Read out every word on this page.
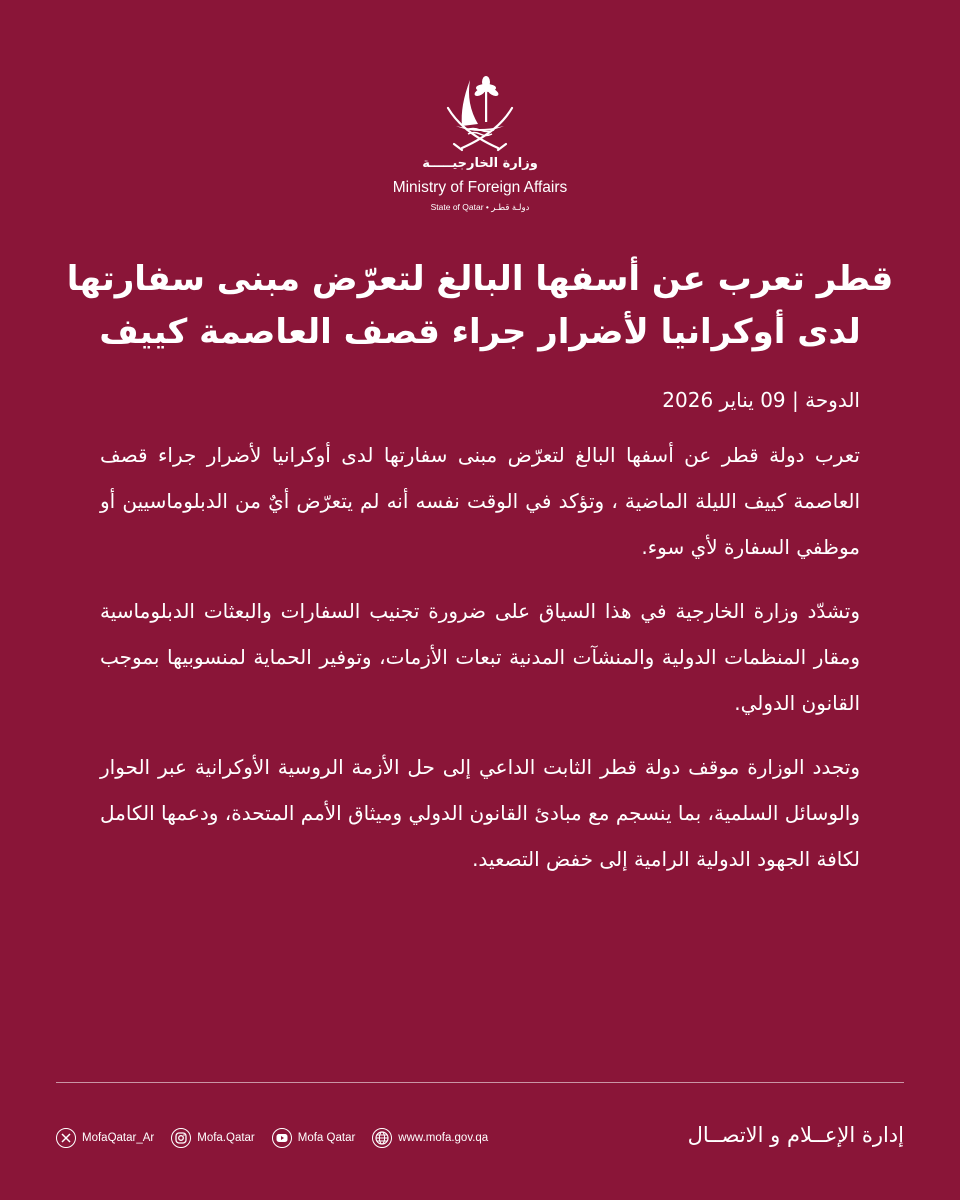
وزارة الخارجيـــــة
Ministry of Foreign Affairs
State of Qatar • دولـة قطـر
قطر تعرب عن أسفها البالغ لتعرّض مبنى سفارتها لدى أوكرانيا لأضرار جراء قصف العاصمة كييف
الدوحة | 09 يناير 2026

تعرب دولة قطر عن أسفها البالغ لتعرّض مبنى سفارتها لدى أوكرانيا لأضرار جراء قصف العاصمة كييف الليلة الماضية ، وتؤكد في الوقت نفسه أنه لم يتعرّض أيٌ من الدبلوماسيين أو موظفي السفارة لأي سوء.

وتشدّد وزارة الخارجية في هذا السياق على ضرورة تجنيب السفارات والبعثات الدبلوماسية ومقار المنظمات الدولية والمنشآت المدنية تبعات الأزمات، وتوفير الحماية لمنسوبيها بموجب القانون الدولي.

وتجدد الوزارة موقف دولة قطر الثابت الداعي إلى حل الأزمة الروسية الأوكرانية عبر الحوار والوسائل السلمية، بما ينسجم مع مبادئ القانون الدولي وميثاق الأمم المتحدة، ودعمها الكامل لكافة الجهود الدولية الرامية إلى خفض التصعيد.

MofaQatar_Ar	Mofa.Qatar	Mofa Qatar	www.mofa.gov.qa	إدارة الإعــلام و الاتصــال
